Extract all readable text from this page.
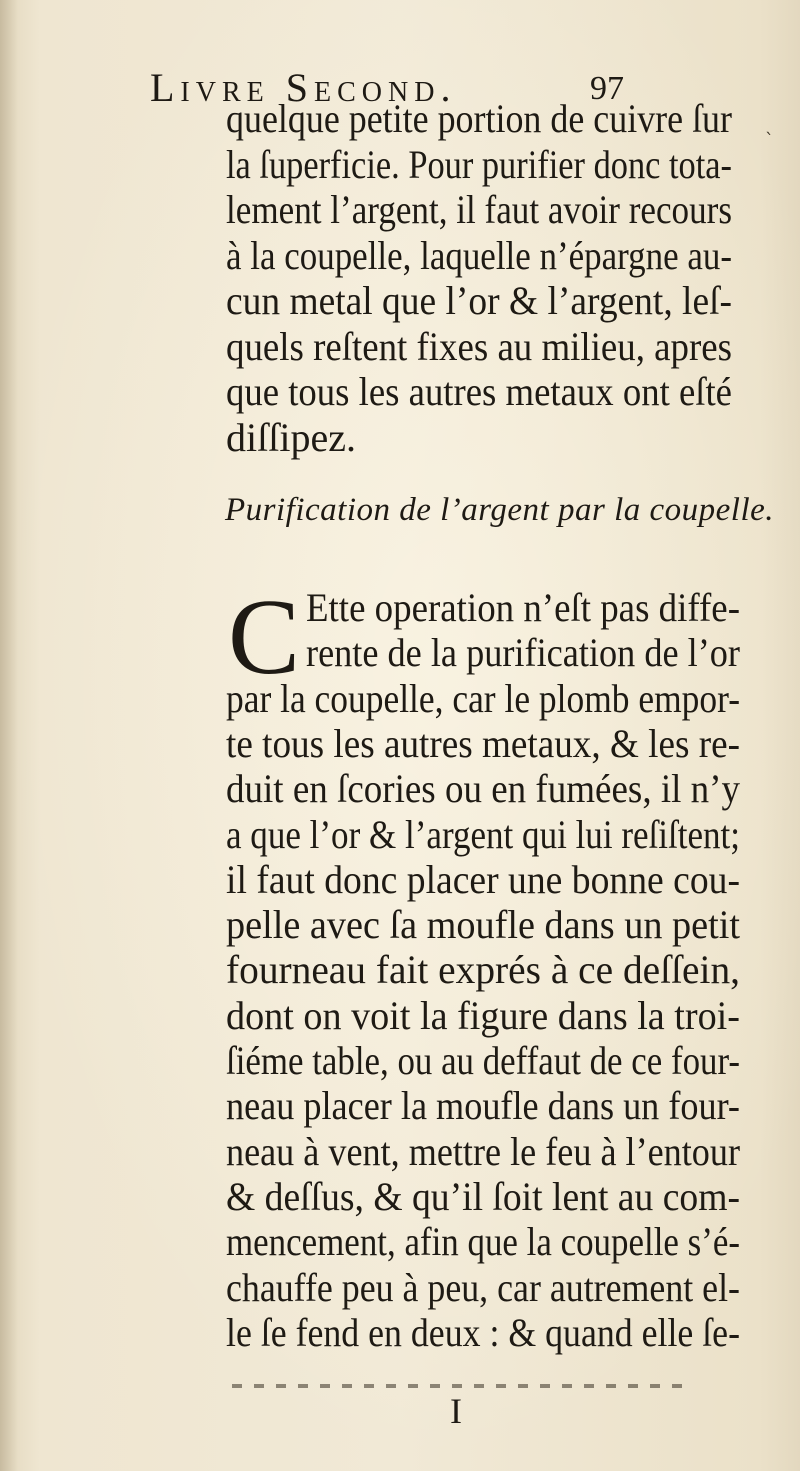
Livre Second.	97
`
quelque petite portion de cuivre ſur
la ſuperficie. Pour purifier donc tota-
lement l’argent, il faut avoir recours
à la coupelle, laquelle n’épargne au-
cun metal que l’or & l’argent, leſ-
quels reſtent fixes au milieu, apres
que tous les autres metaux ont eſté
diſſipez.
Purification de l’argent par la coupelle.
C Ette operation n’eſt pas diffe-
rente de la purification de l’or
par la coupelle, car le plomb empor-
te tous les autres metaux, & les re-
duit en ſcories ou en fumées, il n’y
a que l’or & l’argent qui lui reſiſtent;
il faut donc placer une bonne cou-
pelle avec ſa moufle dans un petit
fourneau fait exprés à ce deſſein,
dont on voit la figure dans la troi-
ſiéme table, ou au deffaut de ce four-
neau placer la moufle dans un four-
neau à vent, mettre le feu à l’entour
& deſſus, & qu’il ſoit lent au com-
mencement, afin que la coupelle s’é-
chauffe peu à peu, car autrement el-
le ſe fend en deux : & quand elle ſe-
I
